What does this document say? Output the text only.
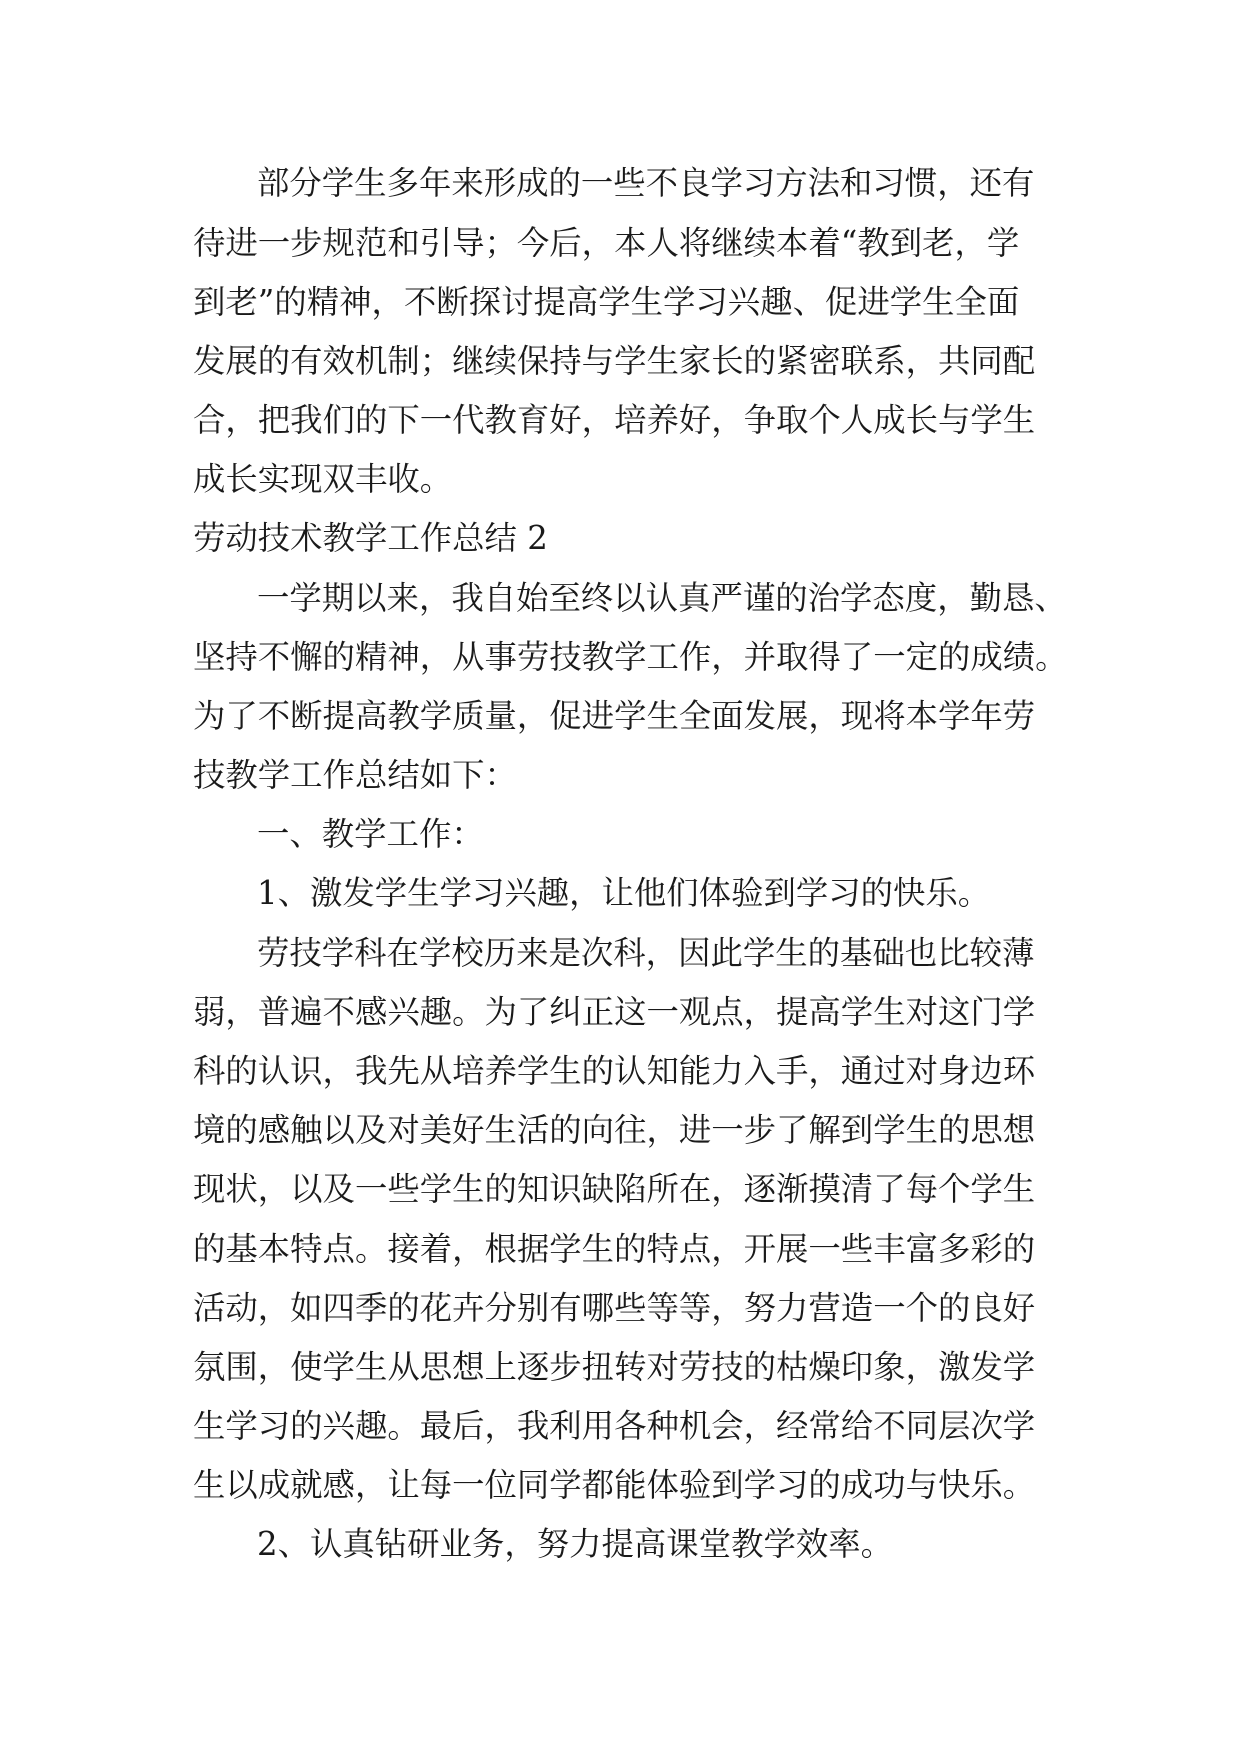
部分学生多年来形成的一些不良学习方法和习惯，还有

待进一步规范和引导；今后，本人将继续本着“教到老，学

到老”的精神，不断探讨提高学生学习兴趣、促进学生全面

发展的有效机制；继续保持与学生家长的紧密联系，共同配

合，把我们的下一代教育好，培养好，争取个人成长与学生

成长实现双丰收。

劳动技术教学工作总结 2

一学期以来，我自始至终以认真严谨的治学态度，勤恳、

坚持不懈的精神，从事劳技教学工作，并取得了一定的成绩。

为了不断提高教学质量，促进学生全面发展，现将本学年劳

技教学工作总结如下：

一、教学工作：

1、激发学生学习兴趣，让他们体验到学习的快乐。

劳技学科在学校历来是次科，因此学生的基础也比较薄

弱，普遍不感兴趣。为了纠正这一观点，提高学生对这门学

科的认识，我先从培养学生的认知能力入手，通过对身边环

境的感触以及对美好生活的向往，进一步了解到学生的思想

现状，以及一些学生的知识缺陷所在，逐渐摸清了每个学生

的基本特点。接着，根据学生的特点，开展一些丰富多彩的

活动，如四季的花卉分别有哪些等等，努力营造一个的良好

氛围，使学生从思想上逐步扭转对劳技的枯燥印象，激发学

生学习的兴趣。最后，我利用各种机会，经常给不同层次学

生以成就感，让每一位同学都能体验到学习的成功与快乐。

2、认真钻研业务，努力提高课堂教学效率。
